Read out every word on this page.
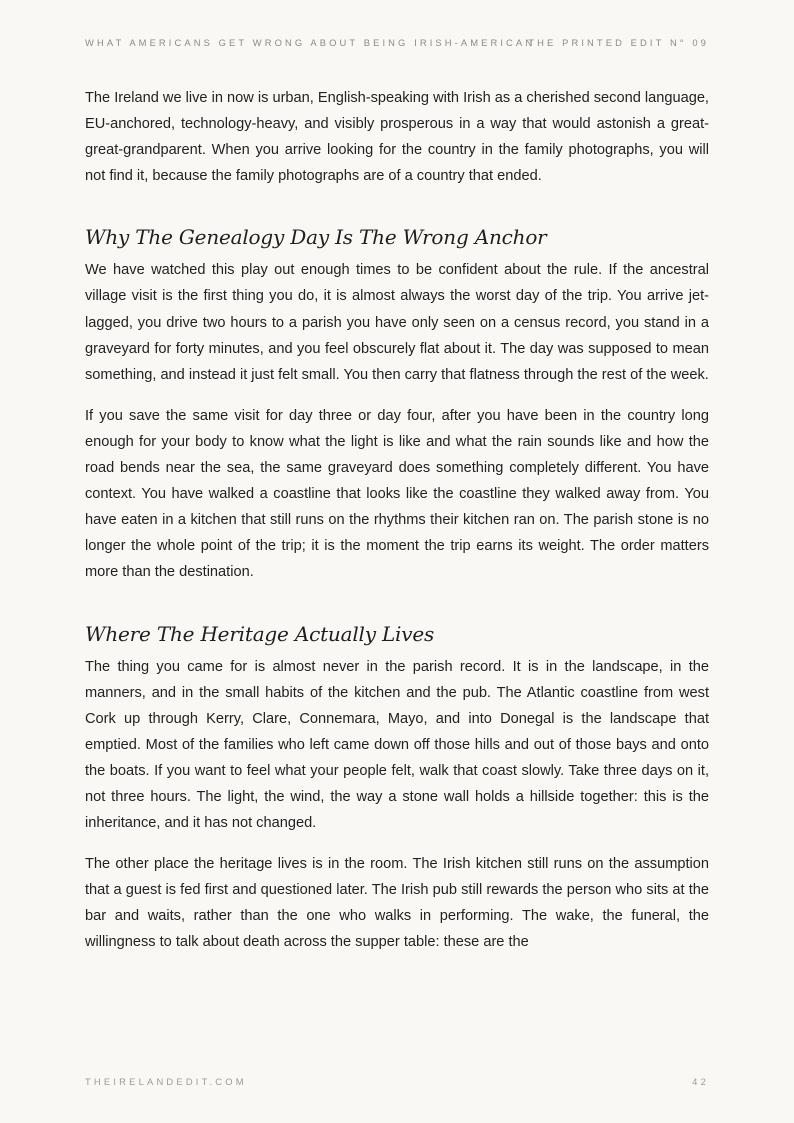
WHAT AMERICANS GET WRONG ABOUT BEING IRISH-AMERICAN
THE PRINTED EDIT N° 09

The Ireland we live in now is urban, English-speaking with Irish as a cherished second language, EU-anchored, technology-heavy, and visibly prosperous in a way that would astonish a great-great-grandparent. When you arrive looking for the country in the family photographs, you will not find it, because the family photographs are of a country that ended.

Why The Genealogy Day Is The Wrong Anchor

We have watched this play out enough times to be confident about the rule. If the ancestral village visit is the first thing you do, it is almost always the worst day of the trip. You arrive jet-lagged, you drive two hours to a parish you have only seen on a census record, you stand in a graveyard for forty minutes, and you feel obscurely flat about it. The day was supposed to mean something, and instead it just felt small. You then carry that flatness through the rest of the week.

If you save the same visit for day three or day four, after you have been in the country long enough for your body to know what the light is like and what the rain sounds like and how the road bends near the sea, the same graveyard does something completely different. You have context. You have walked a coastline that looks like the coastline they walked away from. You have eaten in a kitchen that still runs on the rhythms their kitchen ran on. The parish stone is no longer the whole point of the trip; it is the moment the trip earns its weight. The order matters more than the destination.

Where The Heritage Actually Lives

The thing you came for is almost never in the parish record. It is in the landscape, in the manners, and in the small habits of the kitchen and the pub. The Atlantic coastline from west Cork up through Kerry, Clare, Connemara, Mayo, and into Donegal is the landscape that emptied. Most of the families who left came down off those hills and out of those bays and onto the boats. If you want to feel what your people felt, walk that coast slowly. Take three days on it, not three hours. The light, the wind, the way a stone wall holds a hillside together: this is the inheritance, and it has not changed.

The other place the heritage lives is in the room. The Irish kitchen still runs on the assumption that a guest is fed first and questioned later. The Irish pub still rewards the person who sits at the bar and waits, rather than the one who walks in performing. The wake, the funeral, the willingness to talk about death across the supper table: these are the

THEIRELANDEDIT.COM	42
